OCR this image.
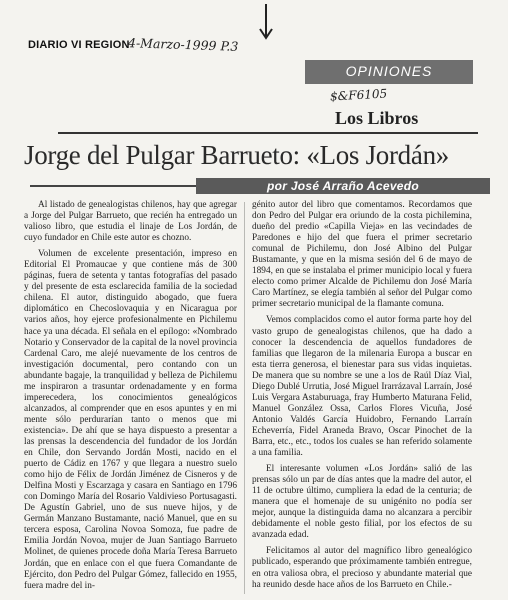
DIARIO VI REGION
4-Marzo-1999 P.3
OPINIONES
$&F6105
Los Libros
Jorge del Pulgar Barrueto: «Los Jordán»
por José Arraño Acevedo

Al listado de genealogistas chilenos, hay que agregar a Jorge del Pulgar Barrueto, que recién ha entregado un valioso libro, que estudia el linaje de Los Jordán, de cuyo fundador en Chile este autor es chozno.

Volumen de excelente presentación, impreso en Editorial El Promaucae y que contiene más de 300 páginas, fuera de setenta y tantas fotografías del pasado y del presente de esta esclarecida familia de la sociedad chilena. El autor, distinguido abogado, que fuera diplomático en Checoslovaquia y en Nicaragua por varios años, hoy ejerce profesionalmente en Pichilemu hace ya una década. El señala en el epílogo: «Nombrado Notario y Conservador de la capital de la novel provincia Cardenal Caro, me alejé nuevamente de los centros de investigación documental, pero contando con un abundante bagaje, la tranquilidad y belleza de Pichilemu me inspiraron a trasuntar ordenadamente y en forma imperecedera, los conocimientos genealógicos alcanzados, al comprender que en esos apuntes y en mi mente sólo perdurarían tanto o menos que mi existencia». De ahí que se haya dispuesto a presentar a las prensas la descendencia del fundador de los Jordán en Chile, don Servando Jordán Mosti, nacido en el puerto de Cádiz en 1767 y que llegara a nuestro suelo como hijo de Félix de Jordán Jiménez de Cisneros y de Delfina Mosti y Escarzaga y casara en Santiago en 1796 con Domingo María del Rosario Valdivieso Portusagasti. De Agustín Gabriel, uno de sus nueve hijos, y de Germán Manzano Bustamante, nació Manuel, que en su tercera esposa, Carolina Novoa Somoza, fue padre de Emilia Jordán Novoa, mujer de Juan Santiago Barrueto Molinet, de quienes procede doña María Teresa Barrueto Jordán, que en enlace con el que fuera Comandante de Ejército, don Pedro del Pulgar Gómez, fallecido en 1955, fuera madre del in-

génito autor del libro que comentamos. Recordamos que don Pedro del Pulgar era oriundo de la costa pichilemina, dueño del predio «Capilla Vieja» en las vecindades de Paredones e hijo del que fuera el primer secretario comunal de Pichilemu, don José Albino del Pulgar Bustamante, y que en la misma sesión del 6 de mayo de 1894, en que se instalaba el primer municipio local y fuera electo como primer Alcalde de Pichilemu don José María Caro Martínez, se elegía también al señor del Pulgar como primer secretario municipal de la flamante comuna.

Vemos complacidos como el autor forma parte hoy del vasto grupo de genealogistas chilenos, que ha dado a conocer la descendencia de aquellos fundadores de familias que llegaron de la milenaria Europa a buscar en esta tierra generosa, el bienestar para sus vidas inquietas. De manera que su nombre se une a los de Raúl Díaz Vial, Diego Dublé Urrutia, José Miguel Irarrázaval Larraín, José Luis Vergara Astaburuaga, fray Humberto Maturana Felid, Manuel González Ossa, Carlos Flores Vicuña, José Antonio Valdés García Huidobro, Fernando Larraín Echeverría, Fidel Araneda Bravo, Oscar Pinochet de la Barra, etc., etc., todos los cuales se han referido solamente a una familia.

El interesante volumen «Los Jordán» salió de las prensas sólo un par de días antes que la madre del autor, el 11 de octubre último, cumpliera la edad de la centuria; de manera que el homenaje de su unigénito no podía ser mejor, aunque la distinguida dama no alcanzara a percibir debidamente el noble gesto filial, por los efectos de su avanzada edad.

Felicitamos al autor del magnífico libro genealógico publicado, esperando que próximamente también entregue, en otra valiosa obra, el precioso y abundante material que ha reunido desde hace años de los Barrueto en Chile.-
